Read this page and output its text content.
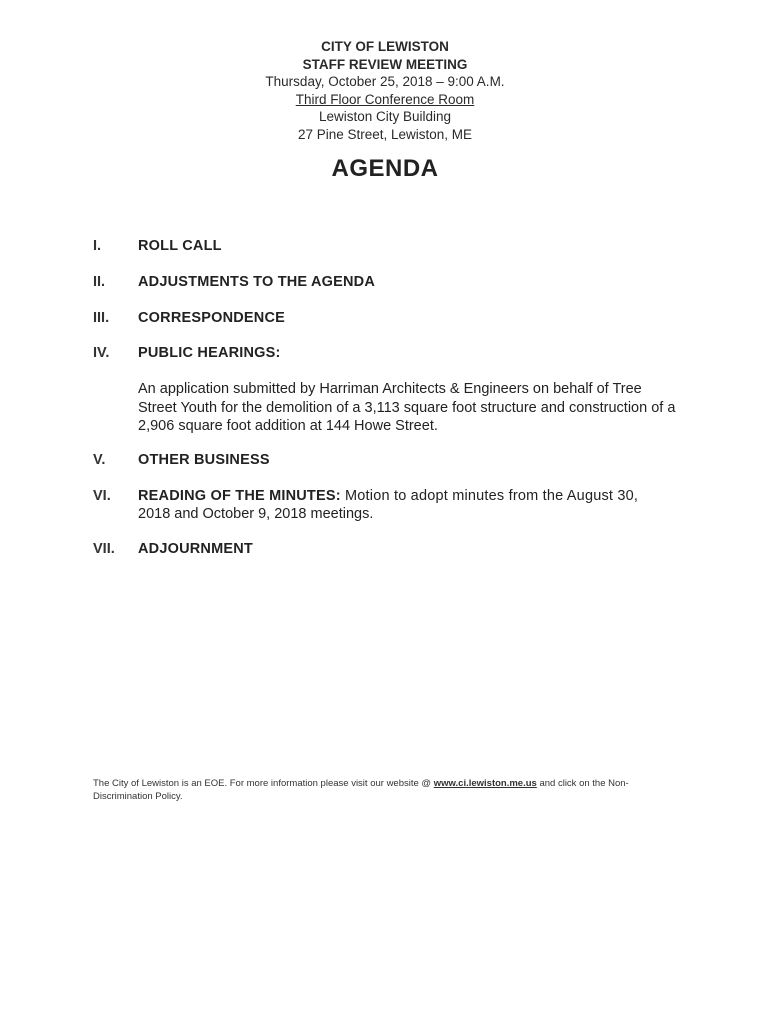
CITY OF LEWISTON
STAFF REVIEW MEETING
Thursday, October 25, 2018 – 9:00 A.M.
Third Floor Conference Room
Lewiston City Building
27 Pine Street, Lewiston, ME
AGENDA
I.	ROLL CALL
II. ADJUSTMENTS TO THE AGENDA
III. CORRESPONDENCE
IV. PUBLIC HEARINGS:
An application submitted by Harriman Architects & Engineers on behalf of Tree Street Youth for the demolition of a 3,113 square foot structure and construction of a 2,906 square foot addition at 144 Howe Street.
V. OTHER BUSINESS
VI. READING OF THE MINUTES: Motion to adopt minutes from the August 30,
2018 and October 9, 2018 meetings.
VII. ADJOURNMENT
The City of Lewiston is an EOE. For more information please visit our website @ www.ci.lewiston.me.us and click on the Non-Discrimination Policy.
